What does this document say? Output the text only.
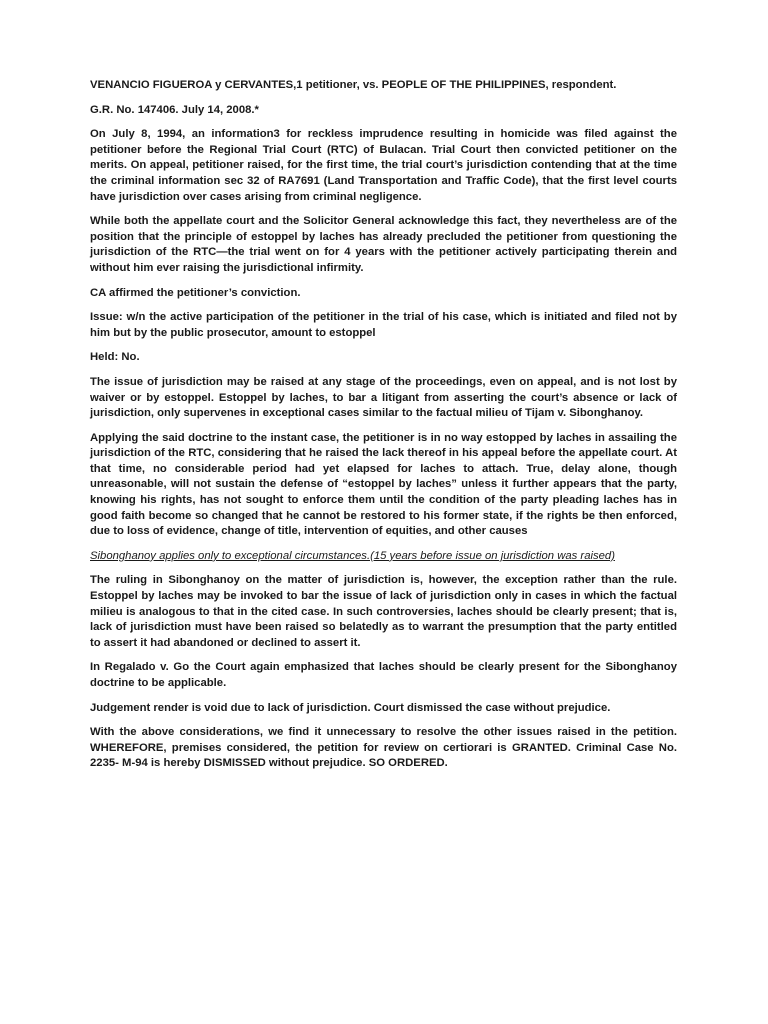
VENANCIO FIGUEROA y CERVANTES,1 petitioner, vs. PEOPLE OF THE PHILIPPINES, respondent.

G.R. No. 147406. July 14, 2008.*

On July 8, 1994, an information3 for reckless imprudence resulting in homicide was filed against the petitioner before the Regional Trial Court (RTC) of Bulacan. Trial Court then convicted petitioner on the merits. On appeal, petitioner raised, for the first time, the trial court’s jurisdiction contending that at the time the criminal information sec 32 of RA7691 (Land Transportation and Traffic Code), that the first level courts have jurisdiction over cases arising from criminal negligence.

While both the appellate court and the Solicitor General acknowledge this fact, they nevertheless are of the position that the principle of estoppel by laches has already precluded the petitioner from questioning the jurisdiction of the RTC—the trial went on for 4 years with the petitioner actively participating therein and without him ever raising the jurisdictional infirmity.

CA affirmed the petitioner’s conviction.

Issue: w/n the active participation of the petitioner in the trial of his case, which is initiated and filed not by him but by the public prosecutor, amount to estoppel

Held: No.

The issue of jurisdiction may be raised at any stage of the proceedings, even on appeal, and is not lost by waiver or by estoppel. Estoppel by laches, to bar a litigant from asserting the court’s absence or lack of jurisdiction, only supervenes in exceptional cases similar to the factual milieu of Tijam v. Sibonghanoy.

Applying the said doctrine to the instant case, the petitioner is in no way estopped by laches in assailing the jurisdiction of the RTC, considering that he raised the lack thereof in his appeal before the appellate court. At that time, no considerable period had yet elapsed for laches to attach. True, delay alone, though unreasonable, will not sustain the defense of “estoppel by laches” unless it further appears that the party, knowing his rights, has not sought to enforce them until the condition of the party pleading laches has in good faith become so changed that he cannot be restored to his former state, if the rights be then enforced, due to loss of evidence, change of title, intervention of equities, and other causes

Sibonghanoy applies only to exceptional circumstances.(15 years before issue on jurisdiction was raised)

The ruling in Sibonghanoy on the matter of jurisdiction is, however, the exception rather than the rule. Estoppel by laches may be invoked to bar the issue of lack of jurisdiction only in cases in which the factual milieu is analogous to that in the cited case. In such controversies, laches should be clearly present; that is, lack of jurisdiction must have been raised so belatedly as to warrant the presumption that the party entitled to assert it had abandoned or declined to assert it.

In Regalado v. Go the Court again emphasized that laches should be clearly present for the Sibonghanoy doctrine to be applicable.

Judgement render is void due to lack of jurisdiction. Court dismissed the case without prejudice.

With the above considerations, we find it unnecessary to resolve the other issues raised in the petition. WHEREFORE, premises considered, the petition for review on certiorari is GRANTED. Criminal Case No. 2235- M-94 is hereby DISMISSED without prejudice. SO ORDERED.
